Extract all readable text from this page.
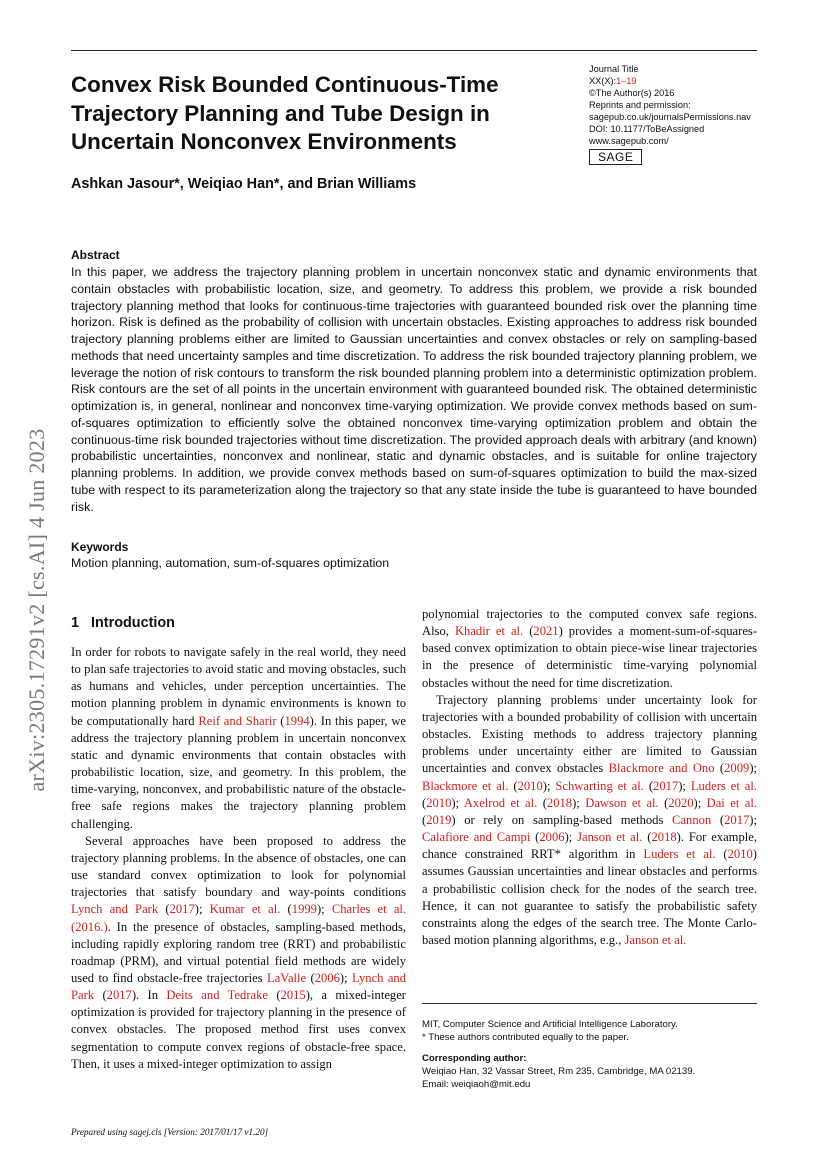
Journal Title
XX(X):1–19
©The Author(s) 2016
Reprints and permission:
sagepub.co.uk/journalsPermissions.nav
DOI: 10.1177/ToBeAssigned
www.sagepub.com/
SAGE
Convex Risk Bounded Continuous-Time Trajectory Planning and Tube Design in Uncertain Nonconvex Environments
Ashkan Jasour*, Weiqiao Han*, and Brian Williams
Abstract

In this paper, we address the trajectory planning problem in uncertain nonconvex static and dynamic environments that contain obstacles with probabilistic location, size, and geometry. To address this problem, we provide a risk bounded trajectory planning method that looks for continuous-time trajectories with guaranteed bounded risk over the planning time horizon. Risk is defined as the probability of collision with uncertain obstacles. Existing approaches to address risk bounded trajectory planning problems either are limited to Gaussian uncertainties and convex obstacles or rely on sampling-based methods that need uncertainty samples and time discretization. To address the risk bounded trajectory planning problem, we leverage the notion of risk contours to transform the risk bounded planning problem into a deterministic optimization problem. Risk contours are the set of all points in the uncertain environment with guaranteed bounded risk. The obtained deterministic optimization is, in general, nonlinear and nonconvex time-varying optimization. We provide convex methods based on sum-of-squares optimization to efficiently solve the obtained nonconvex time-varying optimization problem and obtain the continuous-time risk bounded trajectories without time discretization. The provided approach deals with arbitrary (and known) probabilistic uncertainties, nonconvex and nonlinear, static and dynamic obstacles, and is suitable for online trajectory planning problems. In addition, we provide convex methods based on sum-of-squares optimization to build the max-sized tube with respect to its parameterization along the trajectory so that any state inside the tube is guaranteed to have bounded risk.

Keywords
Motion planning, automation, sum-of-squares optimization
arXiv:2305.17291v2 [cs.AI] 4 Jun 2023 1 Introduction

In order for robots to navigate safely in the real world, they need to plan safe trajectories to avoid static and moving obstacles, such as humans and vehicles, under perception uncertainties. The motion planning problem in dynamic environments is known to be computationally hard Reif and Sharir (1994). In this paper, we address the trajectory planning problem in uncertain nonconvex static and dynamic environments that contain obstacles with probabilistic location, size, and geometry. In this problem, the time-varying, nonconvex, and probabilistic nature of the obstacle-free safe regions makes the trajectory planning problem challenging.

Several approaches have been proposed to address the trajectory planning problems. In the absence of obstacles, one can use standard convex optimization to look for polynomial trajectories that satisfy boundary and way-points conditions Lynch and Park (2017); Kumar et al. (1999); Charles et al. (2016.). In the presence of obstacles, sampling-based methods, including rapidly exploring random tree (RRT) and probabilistic roadmap (PRM), and virtual potential field methods are widely used to find obstacle-free trajectories LaValle (2006); Lynch and Park (2017). In Deits and Tedrake (2015), a mixed-integer optimization is provided for trajectory planning in the presence of convex obstacles. The proposed method first uses convex segmentation to compute convex regions of obstacle-free space. Then, it uses a mixed-integer optimization to assign

polynomial trajectories to the computed convex safe regions. Also, Khadir et al. (2021) provides a moment-sum-of-squares-based convex optimization to obtain piece-wise linear trajectories in the presence of deterministic time-varying polynomial obstacles without the need for time discretization.

Trajectory planning problems under uncertainty look for trajectories with a bounded probability of collision with uncertain obstacles. Existing methods to address trajectory planning problems under uncertainty either are limited to Gaussian uncertainties and convex obstacles Blackmore and Ono (2009); Blackmore et al. (2010); Schwarting et al. (2017); Luders et al. (2010); Axelrod et al. (2018); Dawson et al. (2020); Dai et al. (2019) or rely on sampling-based methods Cannon (2017); Calafiore and Campi (2006); Janson et al. (2018). For example, chance constrained RRT* algorithm in Luders et al. (2010) assumes Gaussian uncertainties and linear obstacles and performs a probabilistic collision check for the nodes of the search tree. Hence, it can not guarantee to satisfy the probabilistic safety constraints along the edges of the search tree. The Monte Carlo-based motion planning algorithms, e.g., Janson et al.

MIT, Computer Science and Artificial Intelligence Laboratory.
* These authors contributed equally to the paper.
Corresponding author:
Weiqiao Han, 32 Vassar Street, Rm 235, Cambridge, MA 02139.
Email: weiqiaoh@mit.edu
Prepared using sagej.cls [Version: 2017/01/17 v1.20]
